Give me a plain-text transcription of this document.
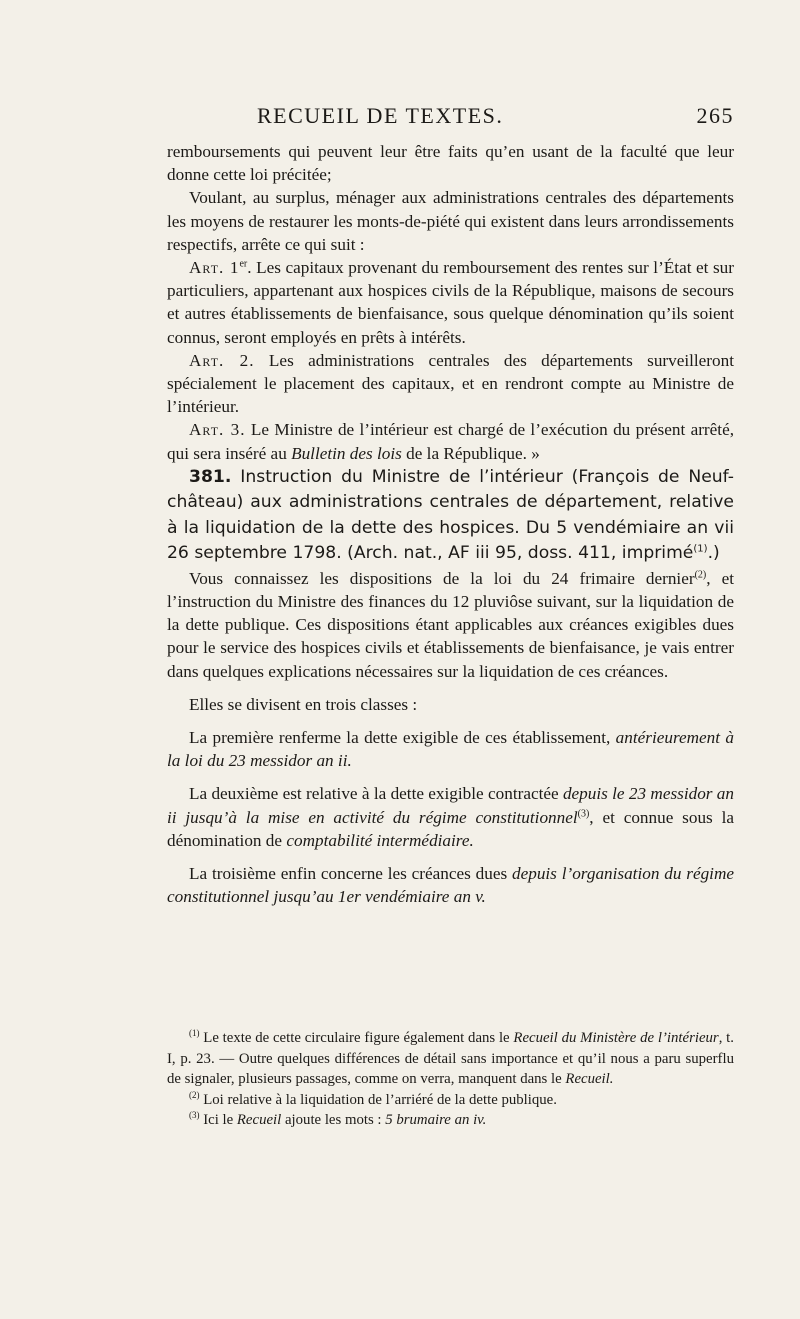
RECUEIL DE TEXTES.	265

remboursements qui peuvent leur être faits qu’en usant de la faculté que leur donne cette loi précitée;

Voulant, au surplus, ménager aux administrations centrales des départements les moyens de restaurer les monts-de-piété qui existent dans leurs arrondissements respectifs, arrête ce qui suit :

Art. 1er. Les capitaux provenant du remboursement des rentes sur l’État et sur particuliers, appartenant aux hospices civils de la République, maisons de secours et autres établissements de bienfaisance, sous quelque dénomination qu’ils soient connus, seront employés en prêts à intérêts.

Art. 2. Les administrations centrales des départements surveilleront spécialement le placement des capitaux, et en rendront compte au Ministre de l’intérieur.

Art. 3. Le Ministre de l’intérieur est chargé de l’exécution du présent arrêté, qui sera inséré au Bulletin des lois de la République. »

381. Instruction du Ministre de l’intérieur (François de Neuf-château) aux administrations centrales de département, relative à la liquidation de la dette des hospices. Du 5 vendémiaire an vii 26 septembre 1798. (Arch. nat., AF iii 95, doss. 411, imprimé$^{(1)}$.)

Vous connaissez les dispositions de la loi du 24 frimaire dernier$^{(2)}$, et l’instruction du Ministre des finances du 12 pluviôse suivant, sur la liquidation de la dette publique. Ces dispositions étant applicables aux créances exigibles dues pour le service des hospices civils et établissements de bienfaisance, je vais entrer dans quelques explications nécessaires sur la liquidation de ces créances.

Elles se divisent en trois classes :

La première renferme la dette exigible de ces établissement, antérieurement à la loi du 23 messidor an ii.

La deuxième est relative à la dette exigible contractée depuis le 23 messidor an ii jusqu’à la mise en activité du régime constitutionnel$^{(3)}$, et connue sous la dénomination de comptabilité intermédiaire.

La troisième enfin concerne les créances dues depuis l’organisation du régime constitutionnel jusqu’au 1er vendémiaire an v.

$^{(1)}$ Le texte de cette circulaire figure également dans le Recueil du Ministère de l’intérieur, t. I, p. 23. — Outre quelques différences de détail sans importance et qu’il nous a paru superflu de signaler, plusieurs passages, comme on verra, manquent dans le Recueil.

$^{(2)}$ Loi relative à la liquidation de l’arriéré de la dette publique.

$^{(3)}$ Ici le Recueil ajoute les mots : 5 brumaire an iv.
